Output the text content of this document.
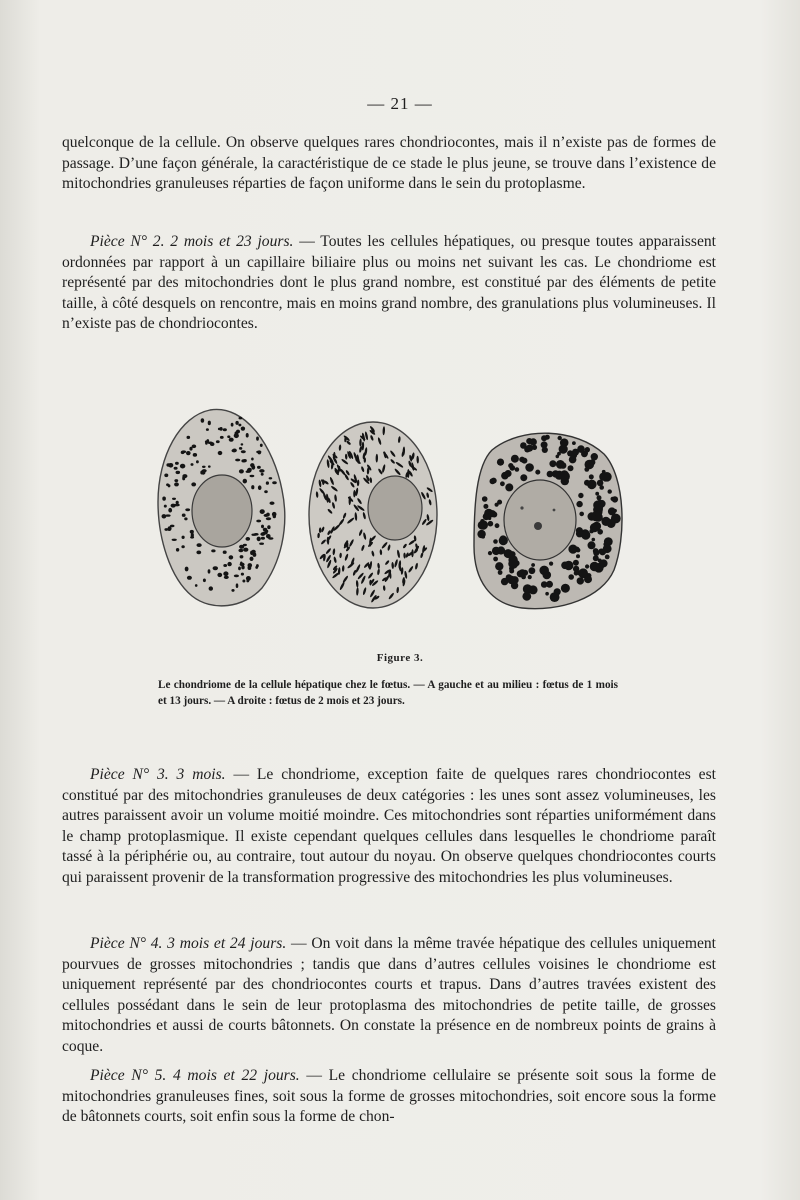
— 21 —

quelconque de la cellule. On observe quelques rares chondriocontes, mais il n’existe pas de formes de passage. D’une façon générale, la caractéristique de ce stade le plus jeune, se trouve dans l’existence de mitochondries granuleuses réparties de façon uniforme dans le sein du protoplasme.

Pièce N° 2. 2 mois et 23 jours. — Toutes les cellules hépatiques, ou presque toutes apparaissent ordonnées par rapport à un capillaire biliaire plus ou moins net suivant les cas. Le chondriome est représenté par des mitochondries dont le plus grand nombre, est constitué par des éléments de petite taille, à côté desquels on rencontre, mais en moins grand nombre, des granulations plus volumineuses. Il n’existe pas de chondriocontes.

Figure 3.
Le chondriome de la cellule hépatique chez le fœtus. — A gauche et au milieu : fœtus de 1 mois et 13 jours. — A droite : fœtus de 2 mois et 23 jours.

Pièce N° 3. 3 mois. — Le chondriome, exception faite de quelques rares chondriocontes est constitué par des mitochondries granuleuses de deux catégories : les unes sont assez volumineuses, les autres paraissent avoir un volume moitié moindre. Ces mitochondries sont réparties uniformément dans le champ protoplasmique. Il existe cependant quelques cellules dans lesquelles le chondriome paraît tassé à la périphérie ou, au contraire, tout autour du noyau. On observe quelques chondriocontes courts qui paraissent provenir de la transformation progressive des mitochondries les plus volumineuses.

Pièce N° 4. 3 mois et 24 jours. — On voit dans la même travée hépatique des cellules uniquement pourvues de grosses mitochondries ; tandis que dans d’autres cellules voisines le chondriome est uniquement représenté par des chondriocontes courts et trapus. Dans d’autres travées existent des cellules possédant dans le sein de leur protoplasma des mitochondries de petite taille, de grosses mitochondries et aussi de courts bâtonnets. On constate la présence en de nombreux points de grains à coque.

Pièce N° 5. 4 mois et 22 jours. — Le chondriome cellulaire se présente soit sous la forme de mitochondries granuleuses fines, soit sous la forme de grosses mitochondries, soit encore sous la forme de bâtonnets courts, soit enfin sous la forme de chon-
